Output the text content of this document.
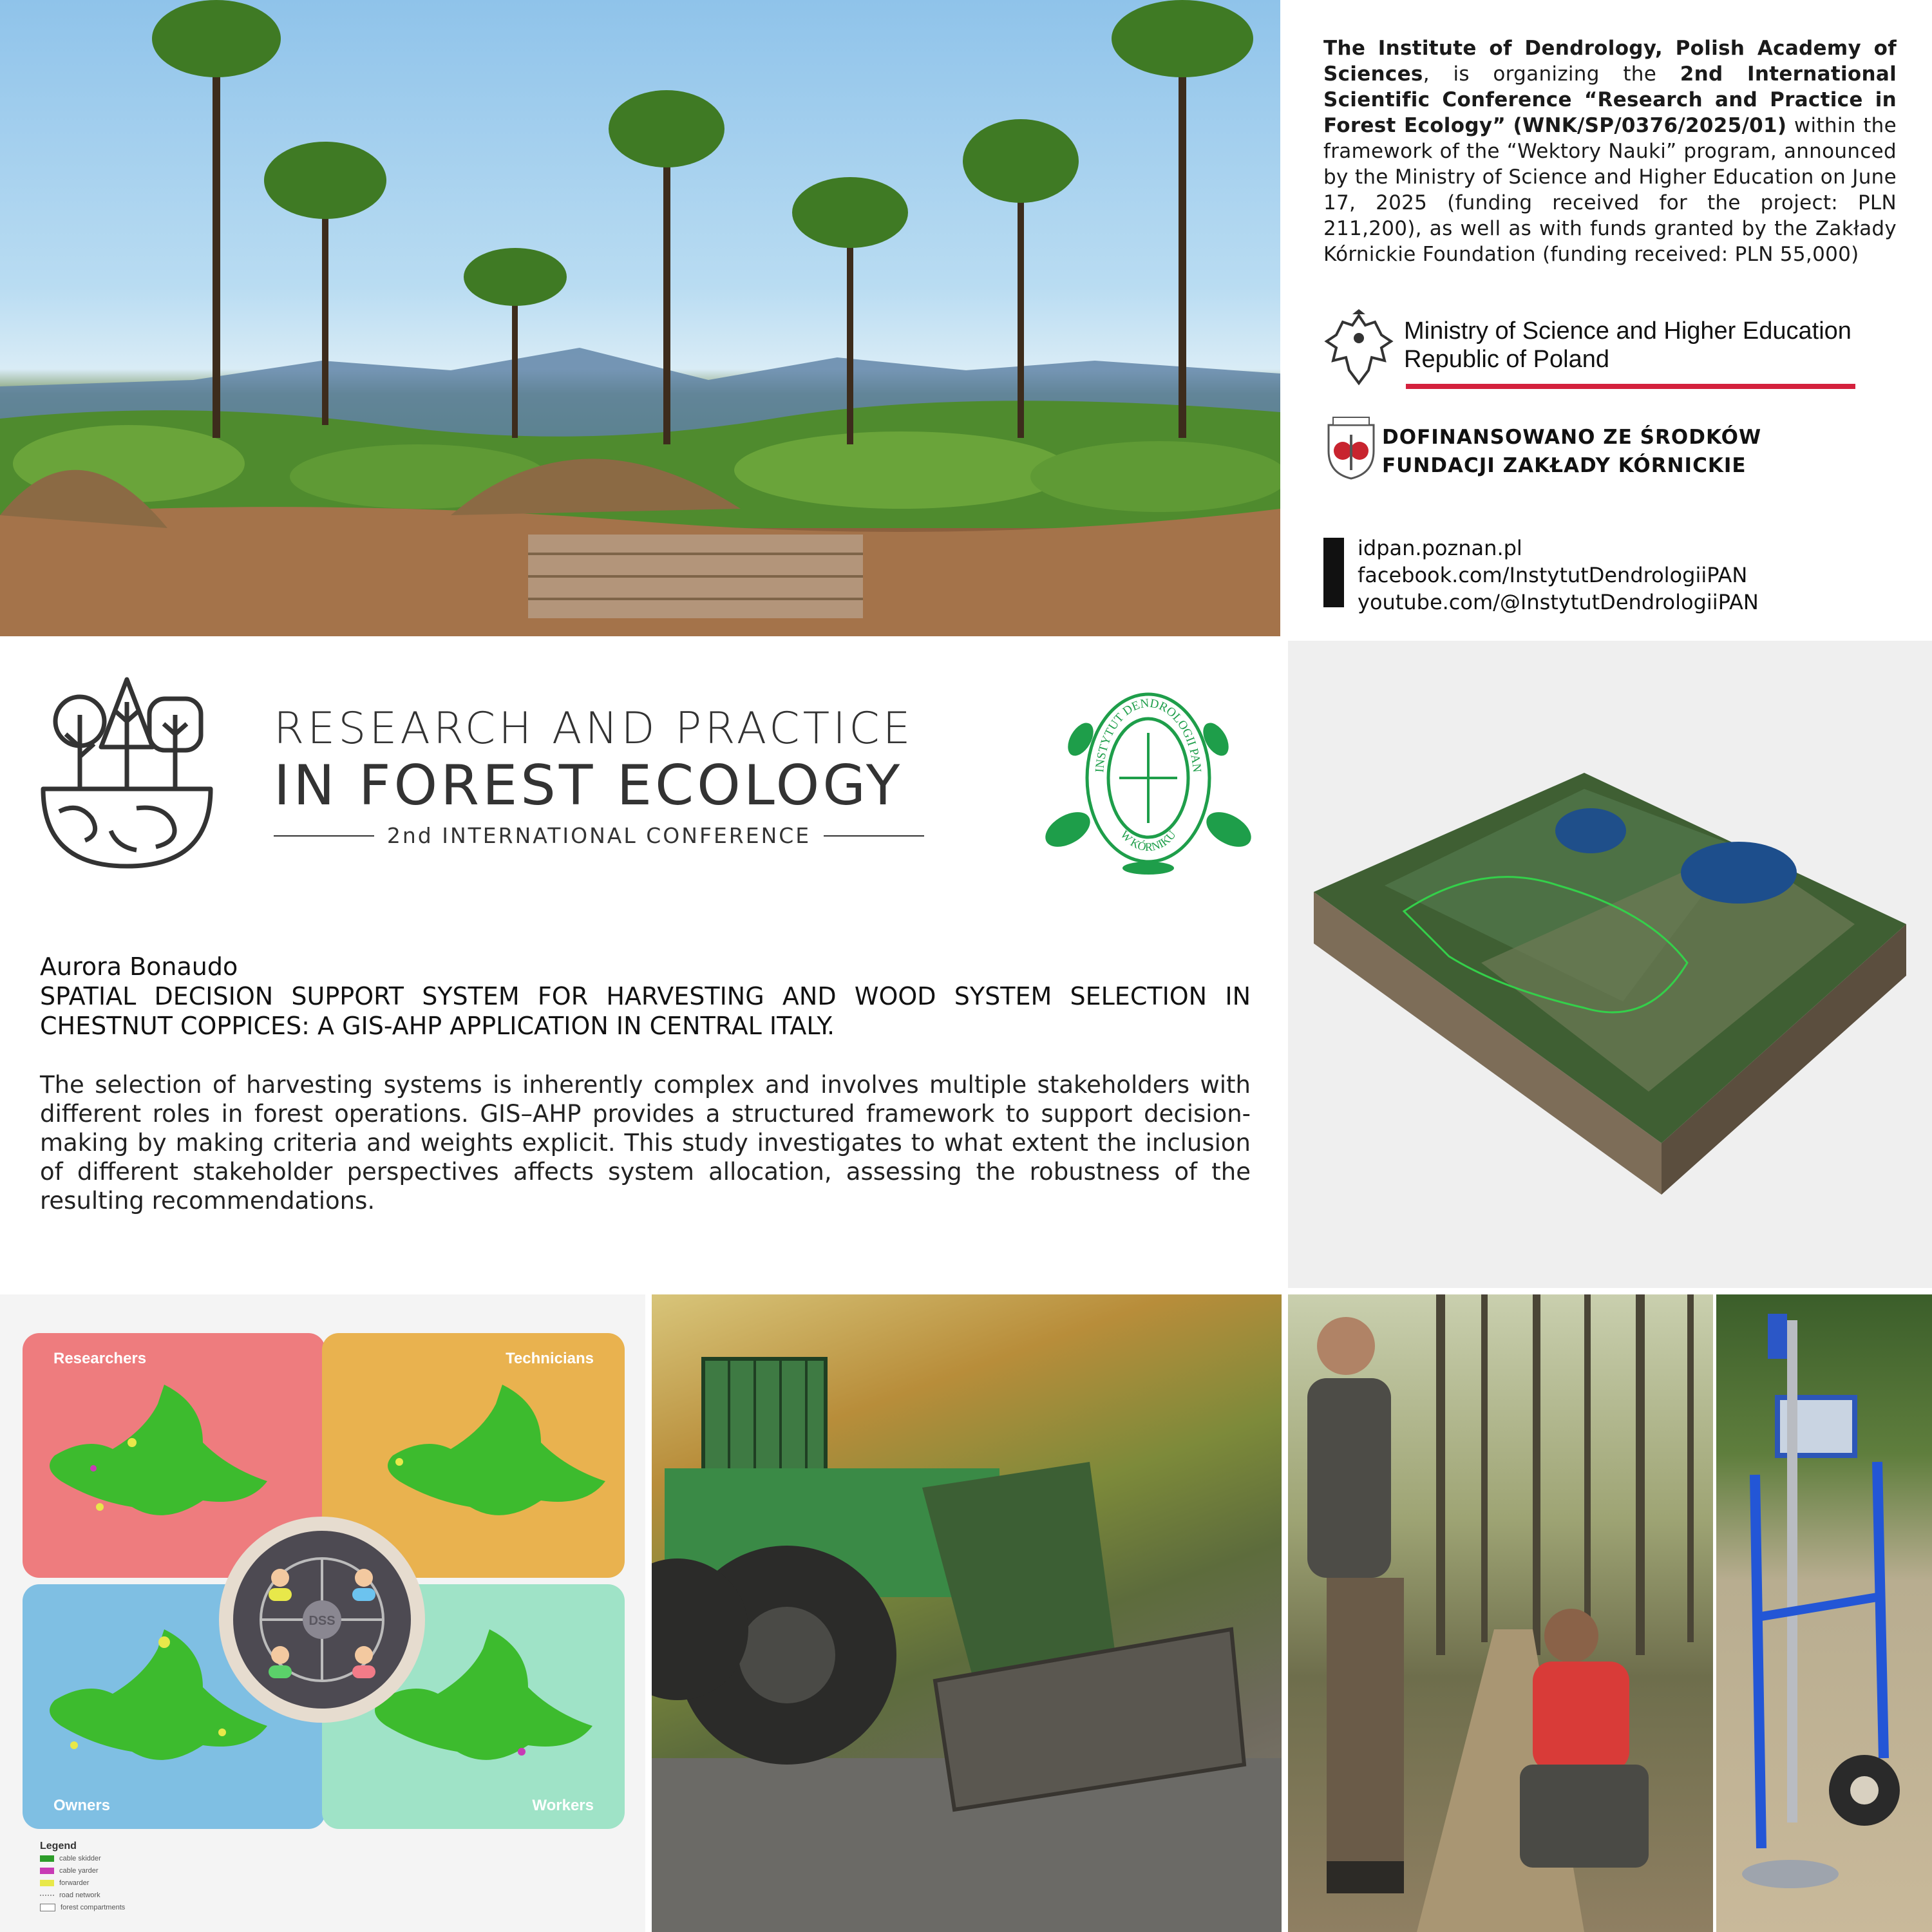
The Institute of Dendrology, Polish Academy of Sciences, is organizing the 2nd International Scientific Conference “Research and Practice in Forest Ecology” (WNK/SP/0376/2025/01) within the framework of the “Wektory Nauki” program, announced by the Ministry of Science and Higher Education on June 17, 2025 (funding received for the project: PLN 211,200), as well as with funds granted by the Zakłady Kórnickie Foundation (funding received: PLN 55,000)
Ministry of Science and Higher Education
Republic of Poland
DOFINANSOWANO ZE ŚRODKÓW
FUNDACJI ZAKŁADY KÓRNICKIE
idpan.poznan.pl
facebook.com/InstytutDendrologiiPAN
youtube.com/@InstytutDendrologiiPAN
RESEARCH AND PRACTICE
IN FOREST ECOLOGY
2nd INTERNATIONAL CONFERENCE
INSTYTUT DENDROLOGII PAN
W KÓRNIKU
Aurora Bonaudo
SPATIAL DECISION SUPPORT SYSTEM FOR HARVESTING AND WOOD SYSTEM SELECTION IN CHESTNUT COPPICES: A GIS-AHP APPLICATION IN CENTRAL ITALY.
The selection of harvesting systems is inherently complex and involves multiple stakeholders with different roles in forest operations. GIS–AHP provides a structured framework to support decision-making by making criteria and weights explicit. This study investigates to what extent the inclusion of different stakeholder perspectives affects system allocation, assessing the robustness of the resulting recommendations.
Researchers	Technicians
Owners	Workers
DSS
Legend
cable skidder
cable yarder
forwarder
road network
forest compartments
